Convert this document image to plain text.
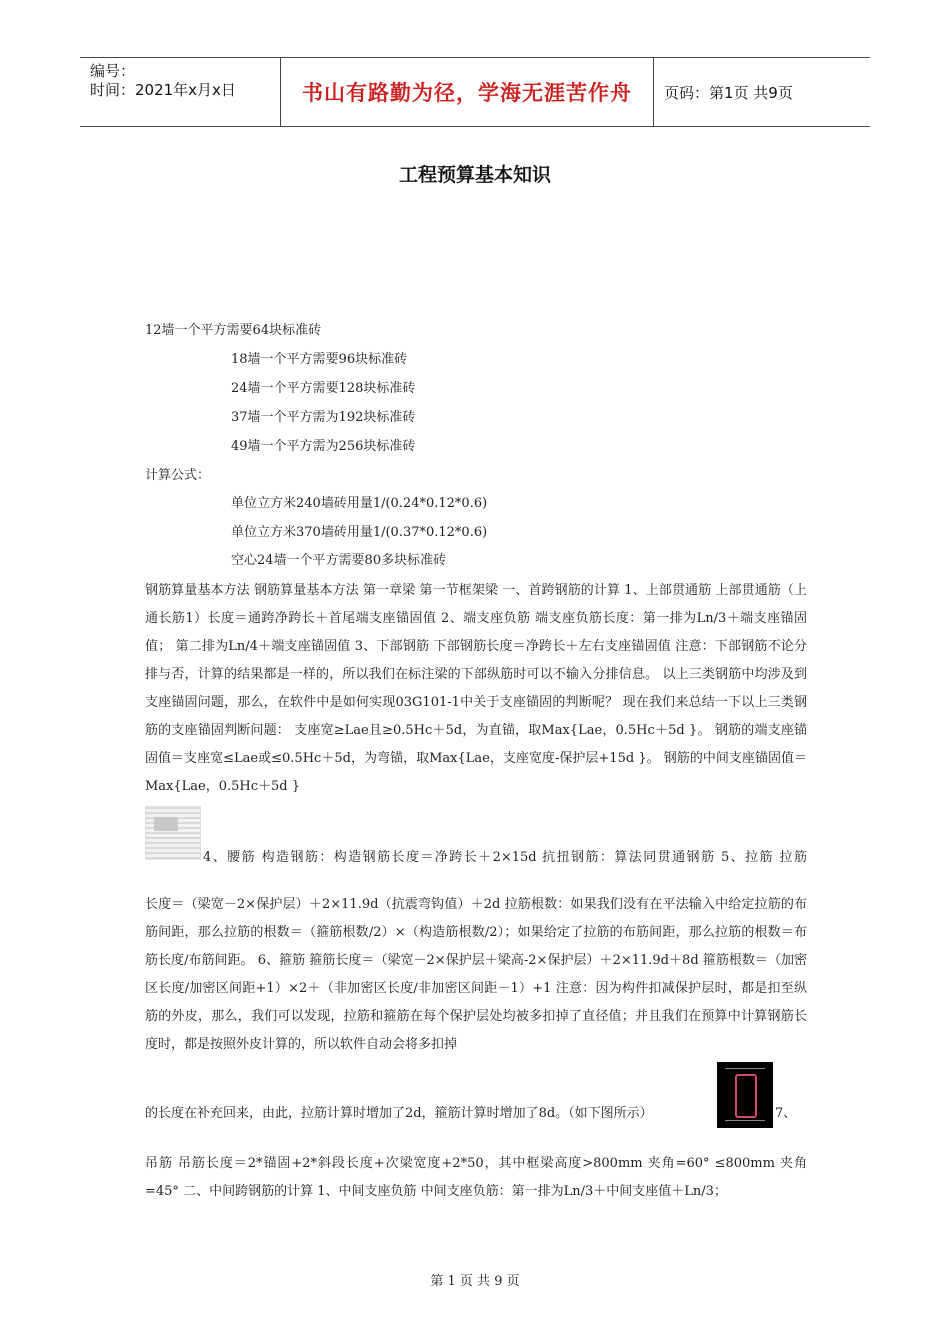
编号：
时间：2021年x月x日	书山有路勤为径，学海无涯苦作舟 页码：第1页 共9页
工程预算基本知识
12墙一个平方需要64块标准砖
18墙一个平方需要96块标准砖
24墙一个平方需要128块标准砖
37墙一个平方需为192块标准砖
49墙一个平方需为256块标准砖
计算公式：
单位立方米240墙砖用量1/(0.24*0.12*0.6)
单位立方米370墙砖用量1/(0.37*0.12*0.6)
空心24墙一个平方需要80多块标准砖
钢筋算量基本方法 钢筋算量基本方法 第一章梁 第一节框架梁 一、首跨钢筋的计算 1、上部贯通筋 上部贯通筋（上通长筋1）长度＝通跨净跨长＋首尾端支座锚固值 2、端支座负筋 端支座负筋长度：第一排为Ln/3＋端支座锚固值； 第二排为Ln/4＋端支座锚固值 3、下部钢筋 下部钢筋长度＝净跨长＋左右支座锚固值 注意：下部钢筋不论分排与否，计算的结果都是一样的，所以我们在标注梁的下部纵筋时可以不输入分排信息。 以上三类钢筋中均涉及到支座锚固问题，那么，在软件中是如何实现03G101-1中关于支座锚固的判断呢？ 现在我们来总结一下以上三类钢筋的支座锚固判断问题： 支座宽≥Lae且≥0.5Hc＋5d，为直锚，取Max{Lae，0.5Hc＋5d }。 钢筋的端支座锚固值＝支座宽≤Lae或≤0.5Hc＋5d，为弯锚，取Max{Lae，支座宽度-保护层+15d }。 钢筋的中间支座锚固值＝Max{Lae，0.5Hc＋5d }
4、腰筋 构造钢筋：构造钢筋长度＝净跨长＋2×15d 抗扭钢筋：算法同贯通钢筋 5、拉筋 拉筋
长度＝（梁宽－2×保护层）＋2×11.9d（抗震弯钩值）＋2d 拉筋根数：如果我们没有在平法输入中给定拉筋的布筋间距，那么拉筋的根数＝（箍筋根数/2）×（构造筋根数/2）；如果给定了拉筋的布筋间距，那么拉筋的根数＝布筋长度/布筋间距。 6、箍筋 箍筋长度＝（梁宽－2×保护层＋梁高-2×保护层）＋2×11.9d＋8d 箍筋根数＝（加密区长度/加密区间距+1）×2＋（非加密区长度/非加密区间距－1）+1 注意：因为构件扣减保护层时，都是扣至纵筋的外皮，那么，我们可以发现，拉筋和箍筋在每个保护层处均被多扣掉了直径值；并且我们在预算中计算钢筋长度时，都是按照外皮计算的，所以软件自动会将多扣掉
的长度在补充回来，由此，拉筋计算时增加了2d，箍筋计算时增加了8d。（如下图所示）	7、
吊筋 吊筋长度＝2*锚固+2*斜段长度+次梁宽度+2*50，其中框梁高度>800mm 夹角=60° ≤800mm 夹角=45° 二、中间跨钢筋的计算 1、中间支座负筋 中间支座负筋：第一排为Ln/3＋中间支座值＋Ln/3；
第 1 页 共 9 页
